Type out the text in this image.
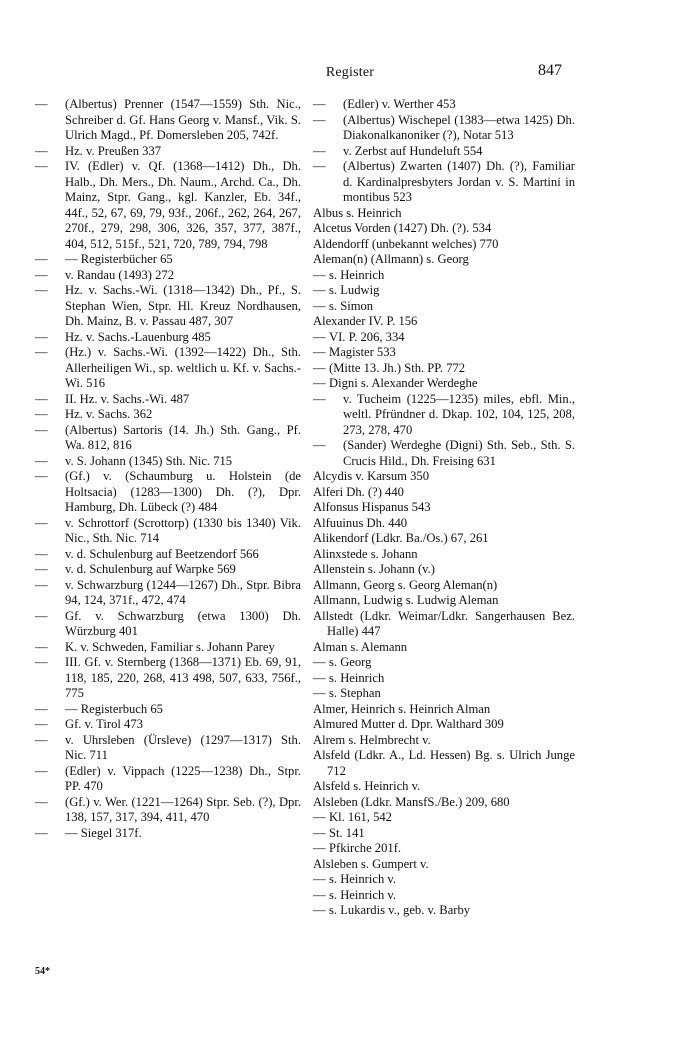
Register	847

— (Albertus) Prenner (1547—1559) Sth. Nic., Schreiber d. Gf. Hans Georg v. Mansf., Vik. S. Ulrich Magd., Pf. Domersleben 205, 742f.

— Hz. v. Preußen 337

— IV. (Edler) v. Qf. (1368—1412) Dh., Dh. Halb., Dh. Mers., Dh. Naum., Archd. Ca., Dh. Mainz, Stpr. Gang., kgl. Kanzler, Eb. 34f., 44f., 52, 67, 69, 79, 93f., 206f., 262, 264, 267, 270f., 279, 298, 306, 326, 357, 377, 387f., 404, 512, 515f., 521, 720, 789, 794, 798

— — Registerbücher 65

— v. Randau (1493) 272

— Hz. v. Sachs.-Wi. (1318—1342) Dh., Pf., S. Stephan Wien, Stpr. Hl. Kreuz Nordhausen, Dh. Mainz, B. v. Passau 487, 307

— Hz. v. Sachs.-Lauenburg 485

— (Hz.) v. Sachs.-Wi. (1392—1422) Dh., Sth. Allerheiligen Wi., sp. weltlich u. Kf. v. Sachs.-Wi. 516

— II. Hz. v. Sachs.-Wi. 487

— Hz. v. Sachs. 362

— (Albertus) Sartoris (14. Jh.) Sth. Gang., Pf. Wa. 812, 816

— v. S. Johann (1345) Sth. Nic. 715

— (Gf.) v. (Schaumburg u. Holstein (de Holtsacia) (1283—1300) Dh. (?), Dpr. Hamburg, Dh. Lübeck (?) 484

— v. Schrottorf (Scrottorp) (1330 bis 1340) Vik. Nic., Sth. Nic. 714

— v. d. Schulenburg auf Beetzendorf 566

— v. d. Schulenburg auf Warpke 569

— v. Schwarzburg (1244—1267) Dh., Stpr. Bibra 94, 124, 371f., 472, 474

— Gf. v. Schwarzburg (etwa 1300) Dh. Würzburg 401

— K. v. Schweden, Familiar s. Johann Parey

— III. Gf. v. Sternberg (1368—1371) Eb. 69, 91, 118, 185, 220, 268, 413 498, 507, 633, 756f., 775

— — Registerbuch 65

— Gf. v. Tirol 473

— v. Uhrsleben (Ürsleve) (1297—1317) Sth. Nic. 711

— (Edler) v. Vippach (1225—1238) Dh., Stpr. PP. 470

— (Gf.) v. Wer. (1221—1264) Stpr. Seb. (?), Dpr. 138, 157, 317, 394, 411, 470

— — Siegel 317f.

— (Edler) v. Werther 453

— (Albertus) Wischepel (1383—etwa 1425) Dh. Diakonalkanoniker (?), Notar 513

— v. Zerbst auf Hundeluft 554

— (Albertus) Zwarten (1407) Dh. (?), Familiar d. Kardinalpresbyters Jordan v. S. Martini in montibus 523

Albus s. Heinrich

Alcetus Vorden (1427) Dh. (?). 534

Aldendorff (unbekannt welches) 770

Aleman(n) (Allmann) s. Georg

— s. Heinrich

— s. Ludwig

— s. Simon

Alexander IV. P. 156

— VI. P. 206, 334

— Magister 533

— (Mitte 13. Jh.) Sth. PP. 772

— Digni s. Alexander Werdeghe

— v. Tucheim (1225—1235) miles, ebfl. Min., weltl. Pfründner d. Dkap. 102, 104, 125, 208, 273, 278, 470

— (Sander) Werdeghe (Digni) Sth. Seb., Sth. S. Crucis Hild., Dh. Freising 631

Alcydis v. Karsum 350

Alferi Dh. (?) 440

Alfonsus Hispanus 543

Alfuuinus Dh. 440

Alikendorf (Ldkr. Ba./Os.) 67, 261

Alinxstede s. Johann

Allenstein s. Johann (v.)

Allmann, Georg s. Georg Aleman(n)

Allmann, Ludwig s. Ludwig Aleman

Allstedt (Ldkr. Weimar/Ldkr. Sangerhausen Bez. Halle) 447

Alman s. Alemann

— s. Georg

— s. Heinrich

— s. Stephan

Almer, Heinrich s. Heinrich Alman

Almured Mutter d. Dpr. Walthard 309

Alrem s. Helmbrecht v.

Alsfeld (Ldkr. A., Ld. Hessen) Bg. s. Ulrich Junge 712

Alsfeld s. Heinrich v.

Alsleben (Ldkr. MansfS./Be.) 209, 680

— Kl. 161, 542

— St. 141

— Pfkirche 201f.

Alsleben s. Gumpert v.

— s. Heinrich v.

— s. Heinrich v.

— s. Lukardis v., geb. v. Barby

54*
